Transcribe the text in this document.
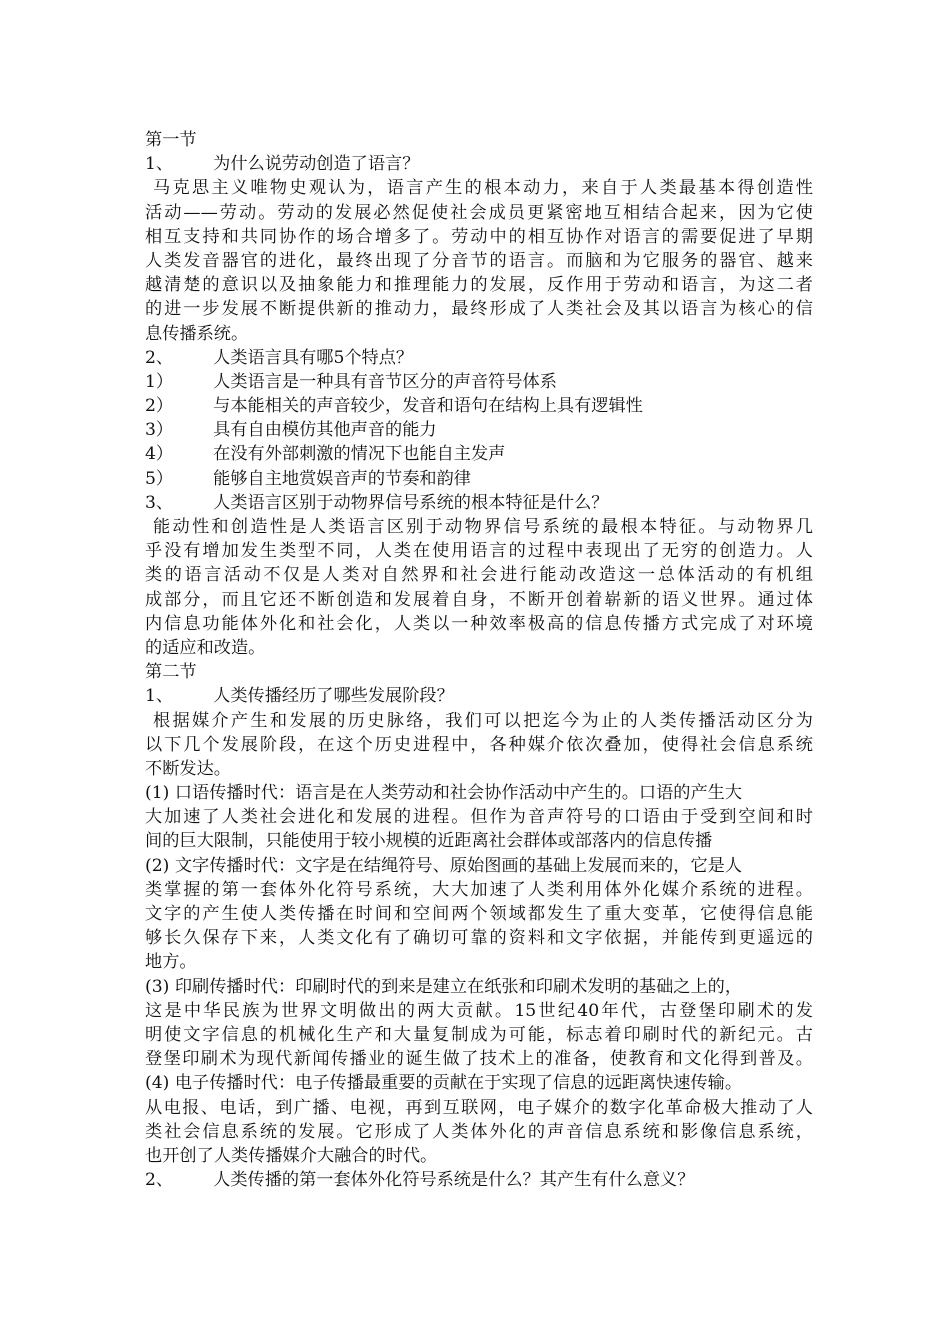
第一节
1、 为什么说劳动创造了语言？
马克思主义唯物史观认为，语言产生的根本动力，来自于人类最基本得创造性
活动——劳动。劳动的发展必然促使社会成员更紧密地互相结合起来，因为它使
相互支持和共同协作的场合增多了。劳动中的相互协作对语言的需要促进了早期
人类发音器官的进化，最终出现了分音节的语言。而脑和为它服务的器官、越来
越清楚的意识以及抽象能力和推理能力的发展，反作用于劳动和语言，为这二者
的进一步发展不断提供新的推动力，最终形成了人类社会及其以语言为核心的信
息传播系统。
2、 人类语言具有哪5个特点？
1） 人类语言是一种具有音节区分的声音符号体系
2） 与本能相关的声音较少，发音和语句在结构上具有逻辑性
3） 具有自由模仿其他声音的能力
4） 在没有外部刺激的情况下也能自主发声
5） 能够自主地赏娱音声的节奏和韵律
3、 人类语言区别于动物界信号系统的根本特征是什么？
能动性和创造性是人类语言区别于动物界信号系统的最根本特征。与动物界几
乎没有增加发生类型不同，人类在使用语言的过程中表现出了无穷的创造力。人
类的语言活动不仅是人类对自然界和社会进行能动改造这一总体活动的有机组
成部分，而且它还不断创造和发展着自身，不断开创着崭新的语义世界。通过体
内信息功能体外化和社会化，人类以一种效率极高的信息传播方式完成了对环境
的适应和改造。
第二节
1、 人类传播经历了哪些发展阶段？
根据媒介产生和发展的历史脉络，我们可以把迄今为止的人类传播活动区分为
以下几个发展阶段，在这个历史进程中，各种媒介依次叠加，使得社会信息系统
不断发达。
(1) 口语传播时代：语言是在人类劳动和社会协作活动中产生的。口语的产生大
大加速了人类社会进化和发展的进程。但作为音声符号的口语由于受到空间和时
间的巨大限制，只能使用于较小规模的近距离社会群体或部落内的信息传播
(2) 文字传播时代：文字是在结绳符号、原始图画的基础上发展而来的，它是人
类掌握的第一套体外化符号系统，大大加速了人类利用体外化媒介系统的进程。
文字的产生使人类传播在时间和空间两个领域都发生了重大变革，它使得信息能
够长久保存下来，人类文化有了确切可靠的资料和文字依据，并能传到更遥远的
地方。
(3) 印刷传播时代：印刷时代的到来是建立在纸张和印刷术发明的基础之上的，
这是中华民族为世界文明做出的两大贡献。15世纪40年代，古登堡印刷术的发
明使文字信息的机械化生产和大量复制成为可能，标志着印刷时代的新纪元。古
登堡印刷术为现代新闻传播业的诞生做了技术上的准备，使教育和文化得到普及。
(4) 电子传播时代：电子传播最重要的贡献在于实现了信息的远距离快速传输。
从电报、电话，到广播、电视，再到互联网，电子媒介的数字化革命极大推动了人
类社会信息系统的发展。它形成了人类体外化的声音信息系统和影像信息系统，
也开创了人类传播媒介大融合的时代。
2、 人类传播的第一套体外化符号系统是什么？其产生有什么意义？
